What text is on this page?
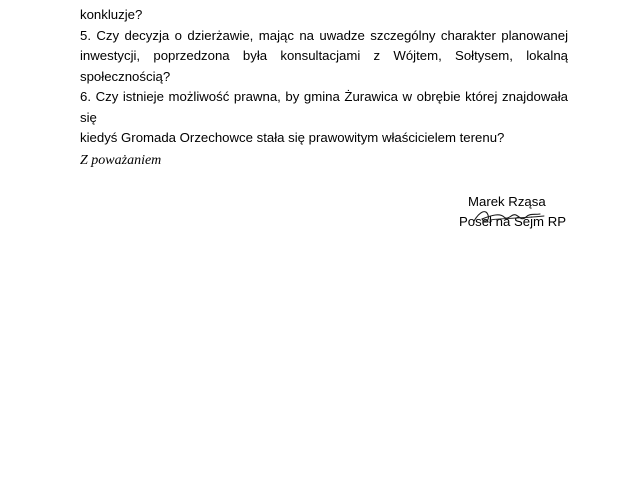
konkluzje?

5. Czy decyzja o dzierżawie, mając na uwadze szczególny charakter planowanej

inwestycji, poprzedzona była konsultacjami z Wójtem, Sołtysem, lokalną

społecznością?

6. Czy istnieje możliwość prawna, by gmina Żurawica w obrębie której znajdowała się

kiedyś Gromada Orzechowce stała się prawowitym właścicielem terenu?

Z poważaniem

Marek Rząsa
Poseł na Sejm RP
